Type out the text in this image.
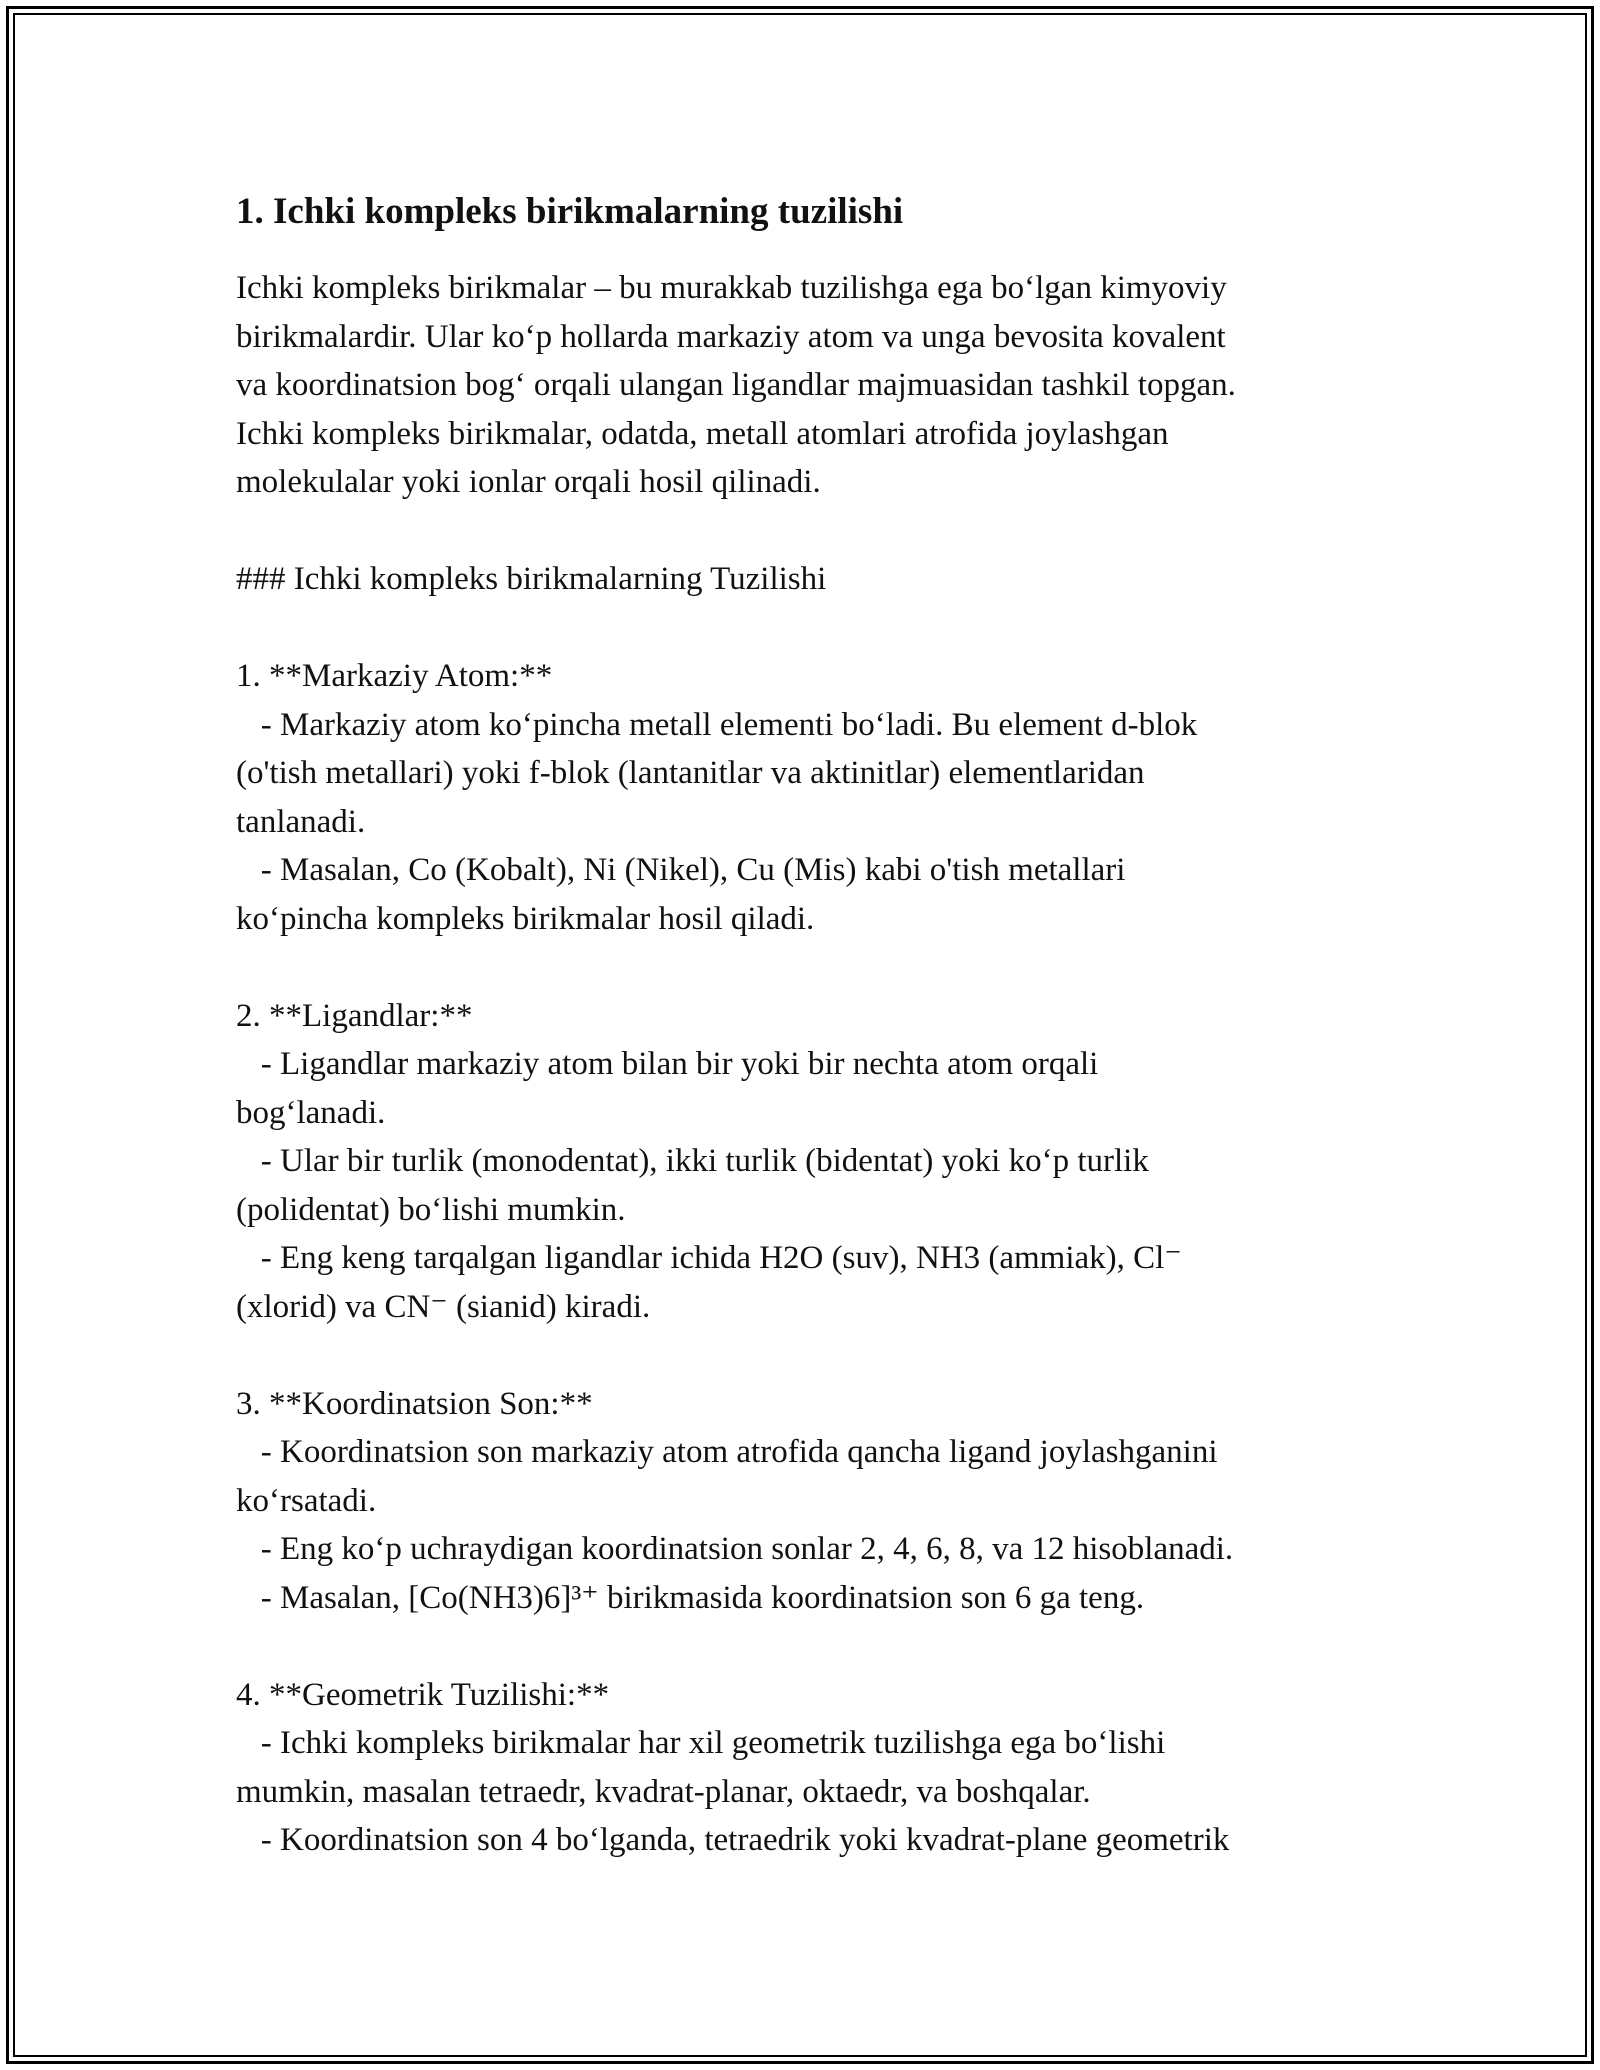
1. Ichki kompleks birikmalarning tuzilishi
Ichki kompleks birikmalar – bu murakkab tuzilishga ega bo‘lgan kimyoviy
birikmalardir. Ular ko‘p hollarda markaziy atom va unga bevosita kovalent
va koordinatsion bog‘ orqali ulangan ligandlar majmuasidan tashkil topgan.
Ichki kompleks birikmalar, odatda, metall atomlari atrofida joylashgan
molekulalar yoki ionlar orqali hosil qilinadi.
### Ichki kompleks birikmalarning Tuzilishi
1. **Markaziy Atom:**
- Markaziy atom ko‘pincha metall elementi bo‘ladi. Bu element d-blok
(o'tish metallari) yoki f-blok (lantanitlar va aktinitlar) elementlaridan
tanlanadi.
- Masalan, Co (Kobalt), Ni (Nikel), Cu (Mis) kabi o'tish metallari
ko‘pincha kompleks birikmalar hosil qiladi.
2. **Ligandlar:**
- Ligandlar markaziy atom bilan bir yoki bir nechta atom orqali
bog‘lanadi.
- Ular bir turlik (monodentat), ikki turlik (bidentat) yoki ko‘p turlik
(polidentat) bo‘lishi mumkin.
- Eng keng tarqalgan ligandlar ichida H2O (suv), NH3 (ammiak), Cl⁻
(xlorid) va CN⁻ (sianid) kiradi.
3. **Koordinatsion Son:**
- Koordinatsion son markaziy atom atrofida qancha ligand joylashganini
ko‘rsatadi.
- Eng ko‘p uchraydigan koordinatsion sonlar 2, 4, 6, 8, va 12 hisoblanadi.
- Masalan, [Co(NH3)6]³⁺ birikmasida koordinatsion son 6 ga teng.
4. **Geometrik Tuzilishi:**
- Ichki kompleks birikmalar har xil geometrik tuzilishga ega bo‘lishi
mumkin, masalan tetraedr, kvadrat-planar, oktaedr, va boshqalar.
- Koordinatsion son 4 bo‘lganda, tetraedrik yoki kvadrat-plane geometrik
